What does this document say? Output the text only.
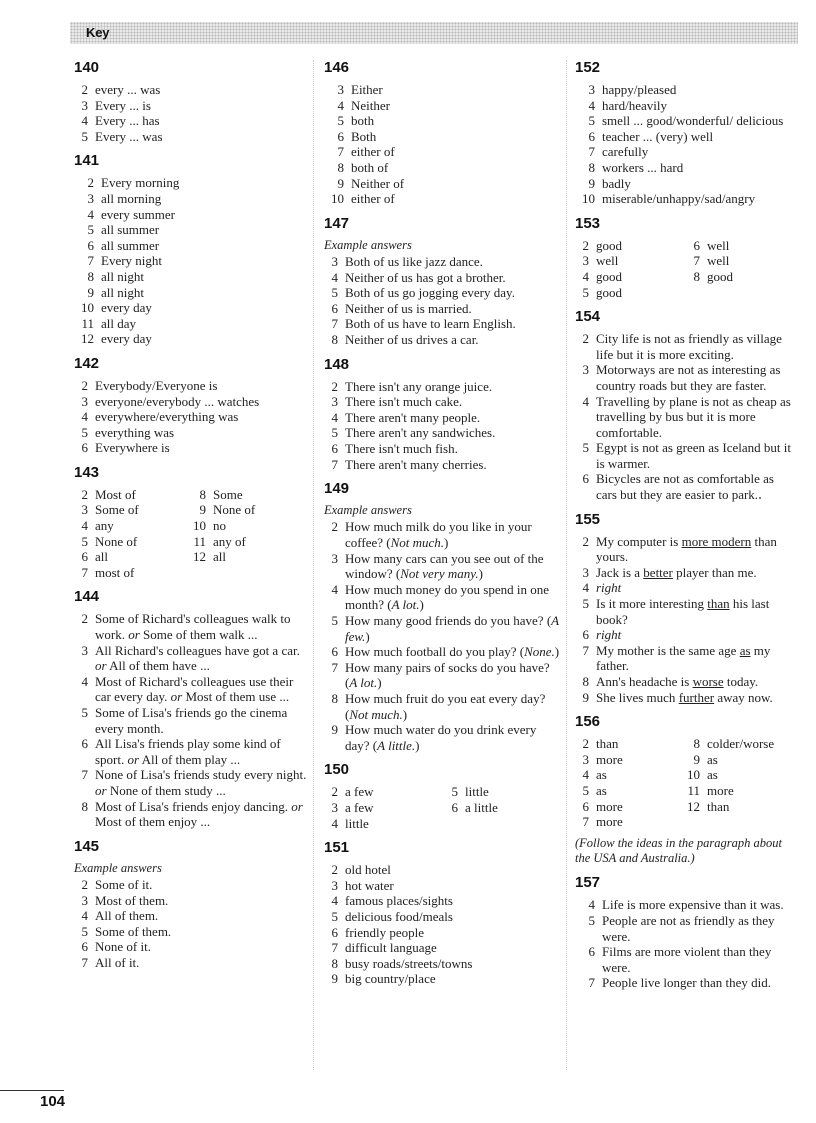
Key
140
2 every ... was
3 Every ... is
4 Every ... has
5 Every ... was
141
2 Every morning
3 all morning
4 every summer
5 all summer
6 all summer
7 Every night
8 all night
9 all night
10 every day
11 all day
12 every day
142
2 Everybody/Everyone is
3 everyone/everybody ... watches
4 everywhere/everything was
5 everything was
6 Everywhere is
143
2 Most of	8 Some
3 Some of	9 None of
4 any	10 no
5 None of	11 any of
6 all	12 all
7 most of
144
2 Some of Richard's colleagues walk to work. or Some of them walk ...
3 All Richard's colleagues have got a car. or All of them have ...
4 Most of Richard's colleagues use their car every day. or Most of them use ...
5 Some of Lisa's friends go the cinema every month.
6 All Lisa's friends play some kind of sport. or All of them play ...
7 None of Lisa's friends study every night. or None of them study ...
8 Most of Lisa's friends enjoy dancing. or Most of them enjoy ...
145
Example answers
2 Some of it.
3 Most of them.
4 All of them.
5 Some of them.
6 None of it.
7 All of it.
146
3 Either
4 Neither
5 both
6 Both
7 either of
8 both of
9 Neither of
10 either of
147
Example answers
3 Both of us like jazz dance.
4 Neither of us has got a brother.
5 Both of us go jogging every day.
6 Neither of us is married.
7 Both of us have to learn English.
8 Neither of us drives a car.
148
2 There isn't any orange juice.
3 There isn't much cake.
4 There aren't many people.
5 There aren't any sandwiches.
6 There isn't much fish.
7 There aren't many cherries.
149
Example answers
2 How much milk do you like in your coffee? (Not much.)
3 How many cars can you see out of the window? (Not very many.)
4 How much money do you spend in one month? (A lot.)
5 How many good friends do you have? (A few.)
6 How much football do you play? (None.)
7 How many pairs of socks do you have? (A lot.)
8 How much fruit do you eat every day? (Not much.)
9 How much water do you drink every day? (A little.)
150
2 a few	5 little
3 a few	6 a little
4 little
151
2 old hotel
3 hot water
4 famous places/sights
5 delicious food/meals
6 friendly people
7 difficult language
8 busy roads/streets/towns
9 big country/place
152
3 happy/pleased
4 hard/heavily
5 smell ... good/wonderful/ delicious
6 teacher ... (very) well
7 carefully
8 workers ... hard
9 badly
10 miserable/unhappy/sad/angry
153
2 good	6 well
3 well	7 well
4 good	8 good
5 good
154
2 City life is not as friendly as village life but it is more exciting.
3 Motorways are not as interesting as country roads but they are faster.
4 Travelling by plane is not as cheap as travelling by bus but it is more comfortable.
5 Egypt is not as green as Iceland but it is warmer.
6 Bicycles are not as comfortable as cars but they are easier to park.
155
2 My computer is more modern than yours.
3 Jack is a better player than me.
4 right
5 Is it more interesting than his last book?
6 right
7 My mother is the same age as my father.
8 Ann's headache is worse today.
9 She lives much further away now.
156
2 than	8 colder/worse
3 more	9 as
4 as	10 as
5 as	11 more
6 more	12 than
7 more
(Follow the ideas in the paragraph about the USA and Australia.)
157
4 Life is more expensive than it was.
5 People are not as friendly as they were.
6 Films are more violent than they were.
7 People live longer than they did.
104
